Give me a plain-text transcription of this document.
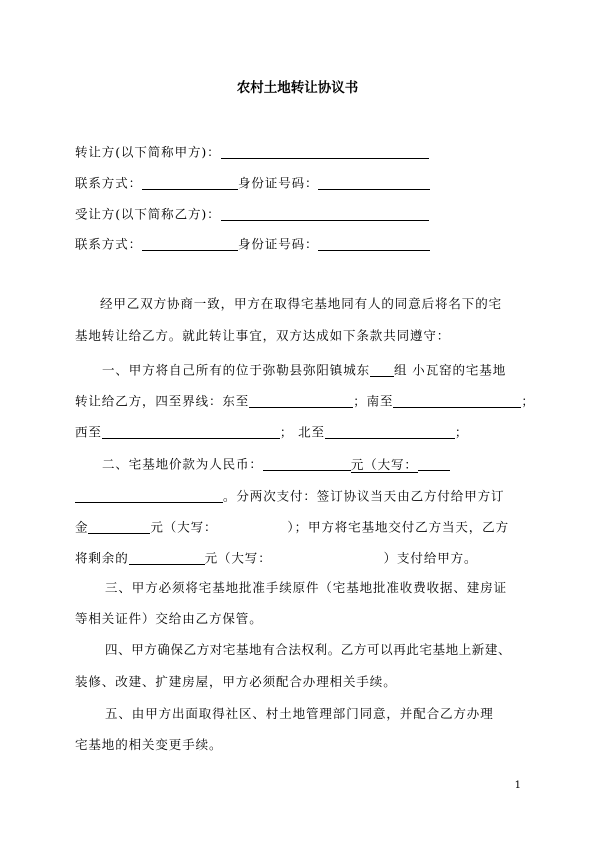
农村土地转让协议书
转让方(以下简称甲方)：
联系方式：	身份证号码：
受让方(以下简称乙方)：
联系方式：	身份证号码：
经甲乙双方协商一致，甲方在取得宅基地同有人的同意后将名下的宅
基地转让给乙方。就此转让事宜，双方达成如下条款共同遵守：
一、甲方将自己所有的位于弥勒县弥阳镇城东 组 小瓦窑的宅基地
转让给乙方，四至界线：东至	；南至	；
西至	； 北至	；
二、宅基地价款为人民币：	元（大写：
。分两次支付：签订协议当天由乙方付给甲方订
金	元（大写：	）；甲方将宅基地交付乙方当天，乙方
将剩余的	元（大写：	）支付给甲方。
三、甲方必须将宅基地批准手续原件（宅基地批准收费收据、建房证
等相关证件）交给由乙方保管。
四、甲方确保乙方对宅基地有合法权利。乙方可以再此宅基地上新建、
装修、改建、扩建房屋，甲方必须配合办理相关手续。
五、由甲方出面取得社区、村土地管理部门同意，并配合乙方办理
宅基地的相关变更手续。
1
